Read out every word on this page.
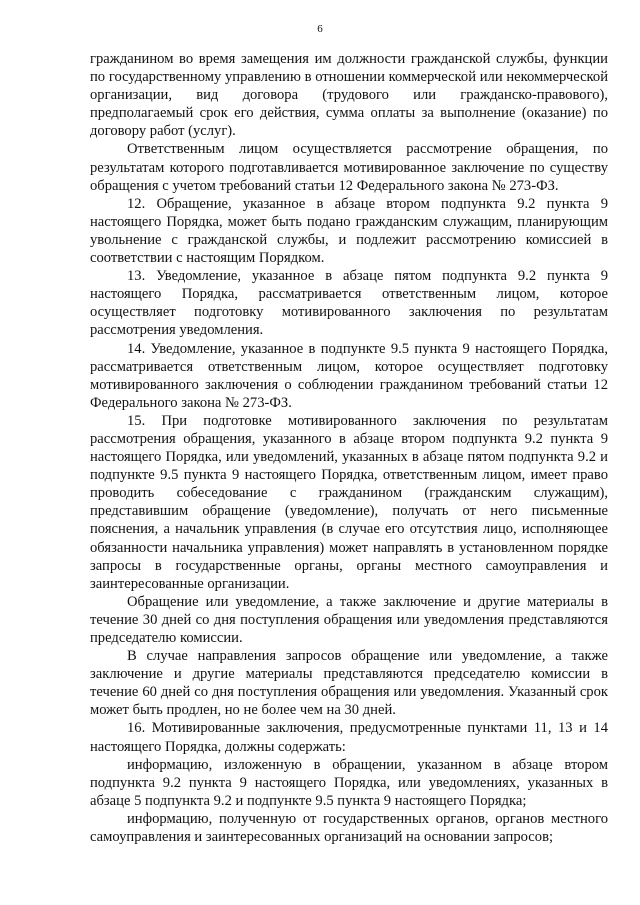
6

гражданином во время замещения им должности гражданской службы, функции по государственному управлению в отношении коммерческой или некоммерческой организации, вид договора (трудового или гражданско-правового), предполагаемый срок его действия, сумма оплаты за выполнение (оказание) по договору работ (услуг).

Ответственным лицом осуществляется рассмотрение обращения, по результатам которого подготавливается мотивированное заключение по существу обращения с учетом требований статьи 12 Федерального закона № 273-ФЗ.

12. Обращение, указанное в абзаце втором подпункта 9.2 пункта 9 настоящего Порядка, может быть подано гражданским служащим, планирующим увольнение с гражданской службы, и подлежит рассмотрению комиссией в соответствии с настоящим Порядком.

13. Уведомление, указанное в абзаце пятом подпункта 9.2 пункта 9 настоящего Порядка, рассматривается ответственным лицом, которое осуществляет подготовку мотивированного заключения по результатам рассмотрения уведомления.

14. Уведомление, указанное в подпункте 9.5 пункта 9 настоящего Порядка, рассматривается ответственным лицом, которое осуществляет подготовку мотивированного заключения о соблюдении гражданином требований статьи 12 Федерального закона № 273-ФЗ.

15. При подготовке мотивированного заключения по результатам рассмотрения обращения, указанного в абзаце втором подпункта 9.2 пункта 9 настоящего Порядка, или уведомлений, указанных в абзаце пятом подпункта 9.2 и подпункте 9.5 пункта 9 настоящего Порядка, ответственным лицом, имеет право проводить собеседование с гражданином (гражданским служащим), представившим обращение (уведомление), получать от него письменные пояснения, а начальник управления (в случае его отсутствия лицо, исполняющее обязанности начальника управления) может направлять в установленном порядке запросы в государственные органы, органы местного самоуправления и заинтересованные организации.

Обращение или уведомление, а также заключение и другие материалы в течение 30 дней со дня поступления обращения или уведомления представляются председателю комиссии.

В случае направления запросов обращение или уведомление, а также заключение и другие материалы представляются председателю комиссии в течение 60 дней со дня поступления обращения или уведомления. Указанный срок может быть продлен, но не более чем на 30 дней.

16. Мотивированные заключения, предусмотренные пунктами 11, 13 и 14 настоящего Порядка, должны содержать:

информацию, изложенную в обращении, указанном в абзаце втором подпункта 9.2 пункта 9 настоящего Порядка, или уведомлениях, указанных в абзаце 5 подпункта 9.2 и подпункте 9.5 пункта 9 настоящего Порядка;

информацию, полученную от государственных органов, органов местного самоуправления и заинтересованных организаций на основании запросов;
